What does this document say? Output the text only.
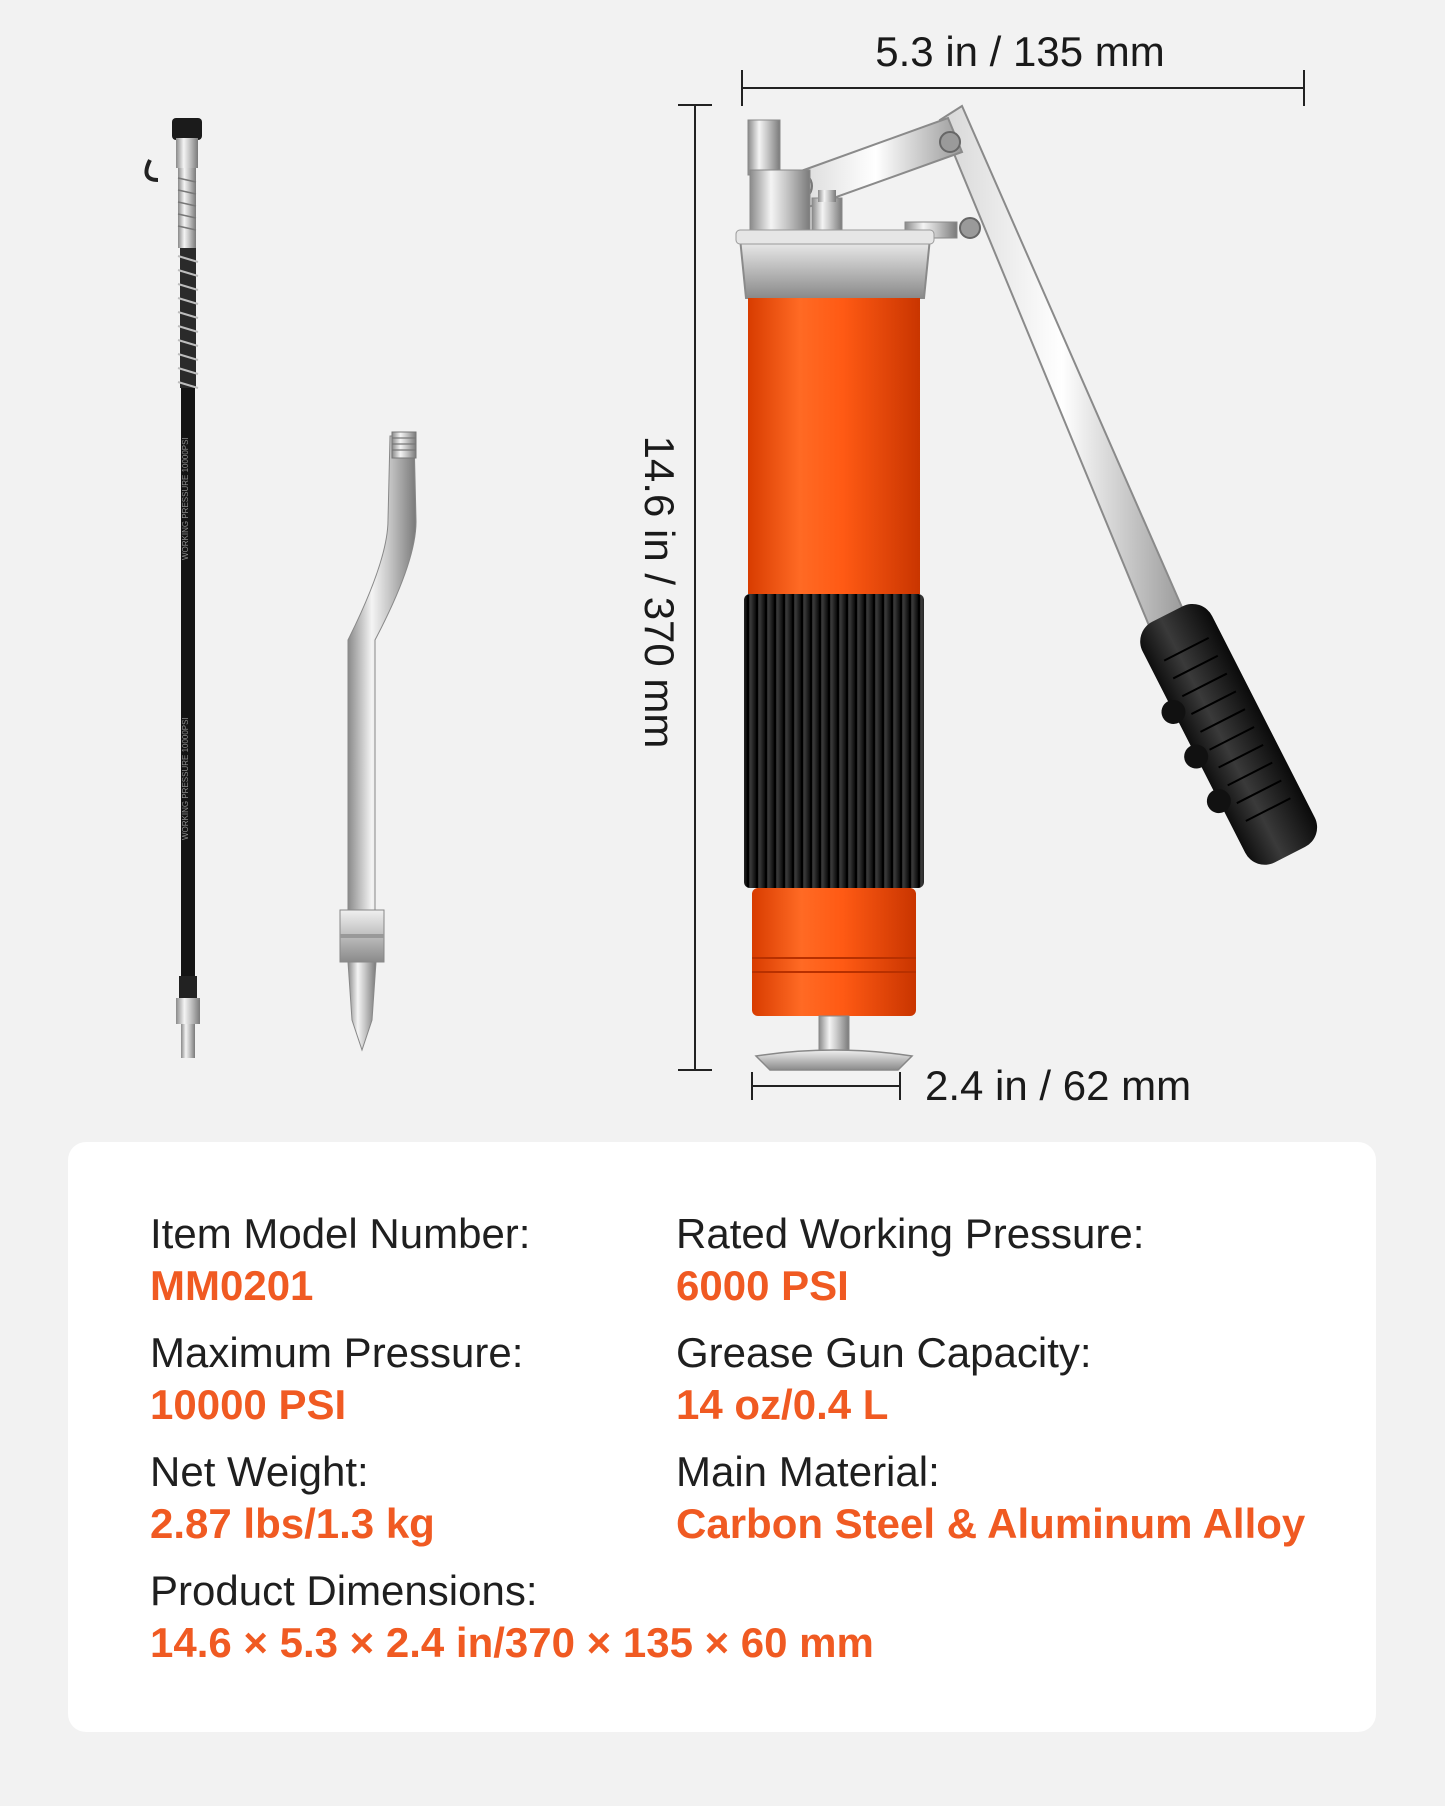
WORKING PRESSURE 10000PSI
WORKING PRESSURE 10000PSI
5.3 in / 135 mm
14.6 in / 370 mm
2.4 in / 62 mm
Item Model Number:
MM0201
Rated Working Pressure:
6000 PSI
Maximum Pressure:
10000 PSI
Grease Gun Capacity:
14 oz/0.4 L
Net Weight:
2.87 lbs/1.3 kg
Main Material:
Carbon Steel & Aluminum Alloy
Product Dimensions:
14.6 × 5.3 × 2.4 in/370 × 135 × 60 mm
